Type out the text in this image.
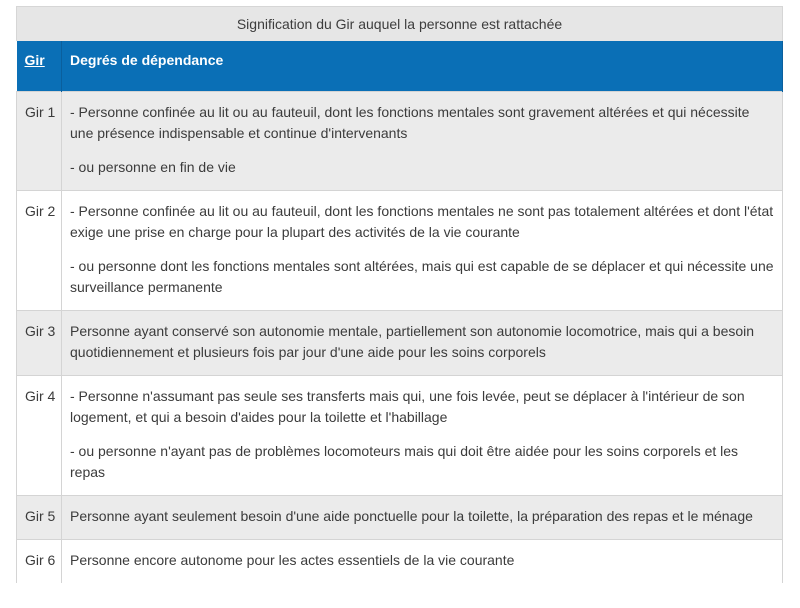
Signification du Gir auquel la personne est rattachée
Gir	Degrés de dépendance
Gir 1	- Personne confinée au lit ou au fauteuil, dont les fonctions mentales sont gravement altérées et qui nécessite une présence indispensable et continue d'intervenants

- ou personne en fin de vie

Gir 2	- Personne confinée au lit ou au fauteuil, dont les fonctions mentales ne sont pas totalement altérées et dont l'état exige une prise en charge pour la plupart des activités de la vie courante

- ou personne dont les fonctions mentales sont altérées, mais qui est capable de se déplacer et qui nécessite une surveillance permanente

Gir 3	Personne ayant conservé son autonomie mentale, partiellement son autonomie locomotrice, mais qui a besoin quotidiennement et plusieurs fois par jour d'une aide pour les soins corporels

Gir 4	- Personne n'assumant pas seule ses transferts mais qui, une fois levée, peut se déplacer à l'intérieur de son logement, et qui a besoin d'aides pour la toilette et l'habillage

- ou personne n'ayant pas de problèmes locomoteurs mais qui doit être aidée pour les soins corporels et les repas

Gir 5	Personne ayant seulement besoin d'une aide ponctuelle pour la toilette, la préparation des repas et le ménage

Gir 6	Personne encore autonome pour les actes essentiels de la vie courante
